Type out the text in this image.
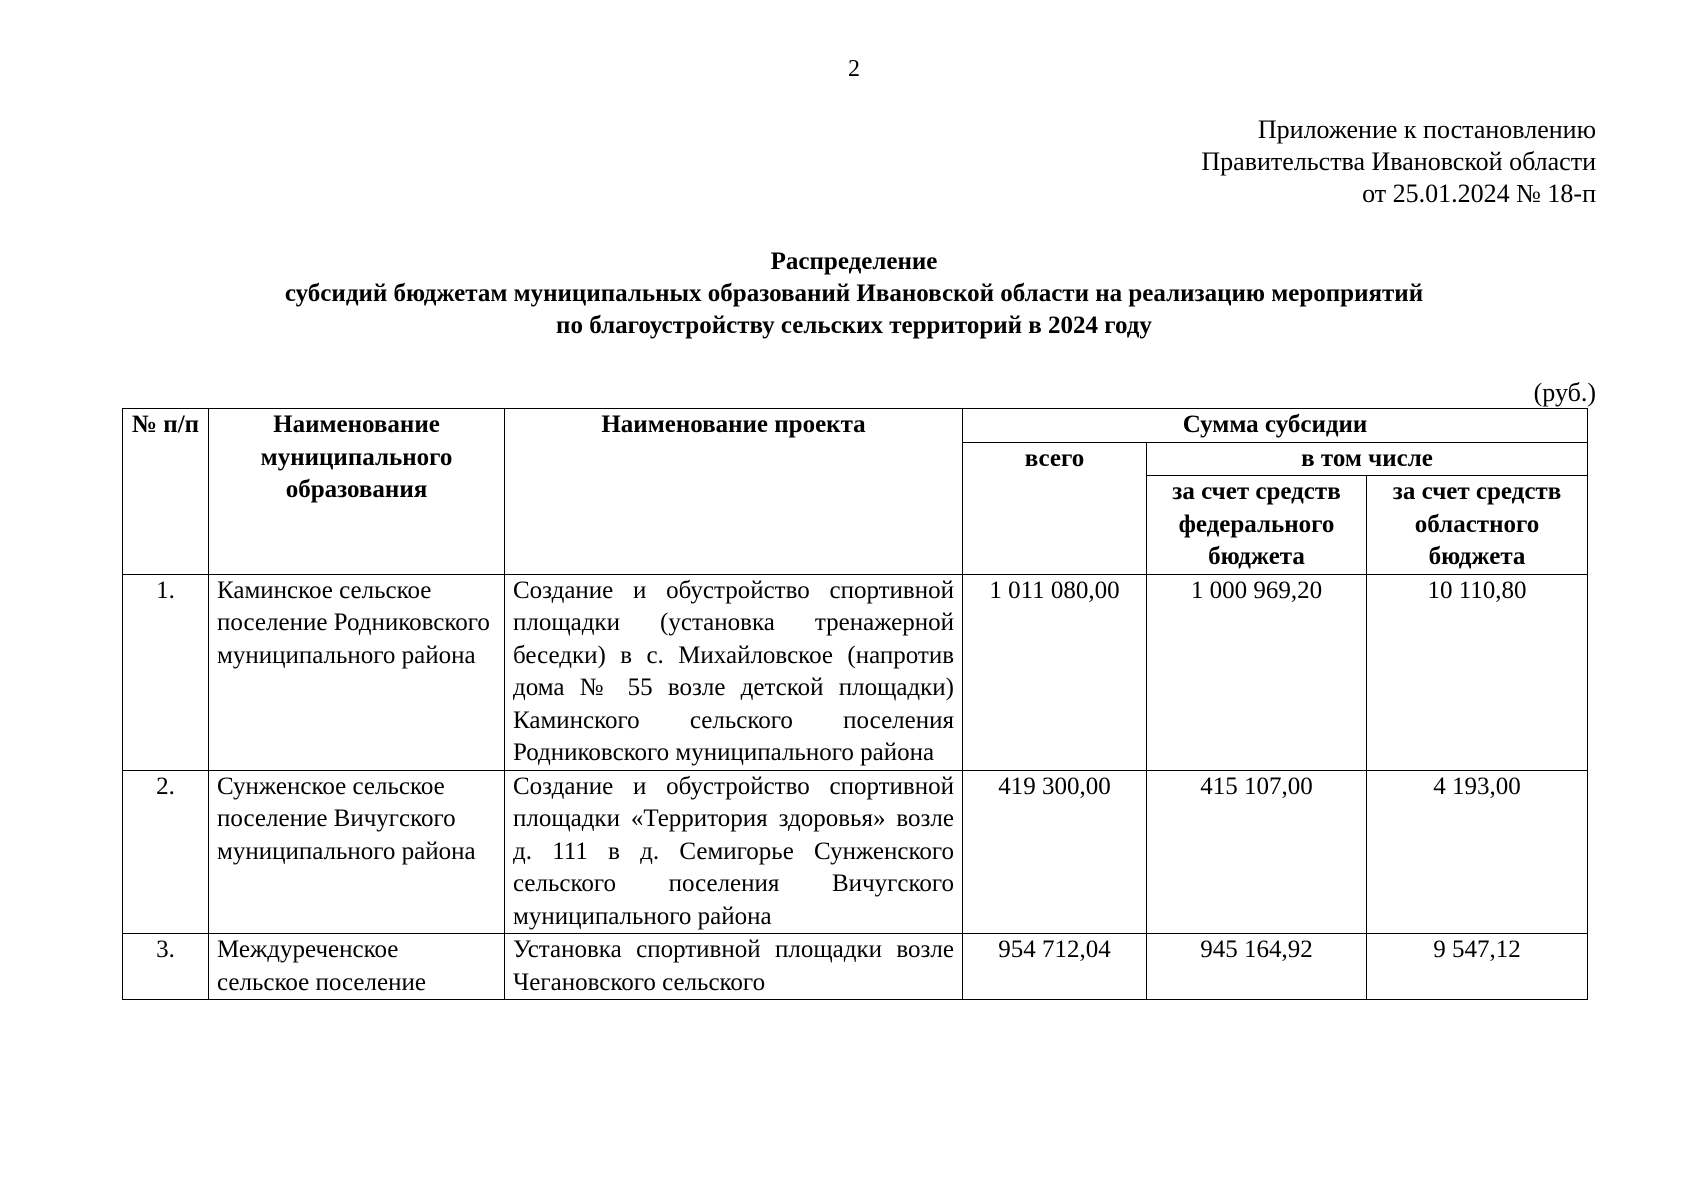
2
Приложение к постановлению
Правительства Ивановской области
от 25.01.2024 № 18-п
Распределение
субсидий бюджетам муниципальных образований Ивановской области на реализацию мероприятий
по благоустройству сельских территорий в 2024 году
(руб.)
№ п/п	Наименование муниципального образования	Наименование проекта	Сумма субсидии		
			всего	в том числе	
				за счет средств федерального бюджета	за счет средств областного бюджета
1.	Каминское сельское поселение Родниковского муниципального района	Создание и обустройство спортивной площадки (установка тренажерной беседки) в с. Михайловское (напротив дома № 55 возле детской площадки) Каминского сельского поселения Родниковского муниципального района	1 011 080,00	1 000 969,20	10 110,80
2.	Сунженское сельское поселение Вичугского муниципального района	Создание и обустройство спортивной площадки «Территория здоровья» возле д. 111 в д. Семигорье Сунженского сельского поселения Вичугского муниципального района	419 300,00	415 107,00	4 193,00
3.	Междуреченское сельское поселение	Установка спортивной площадки возле Чегановского сельского	954 712,04	945 164,92	9 547,12
